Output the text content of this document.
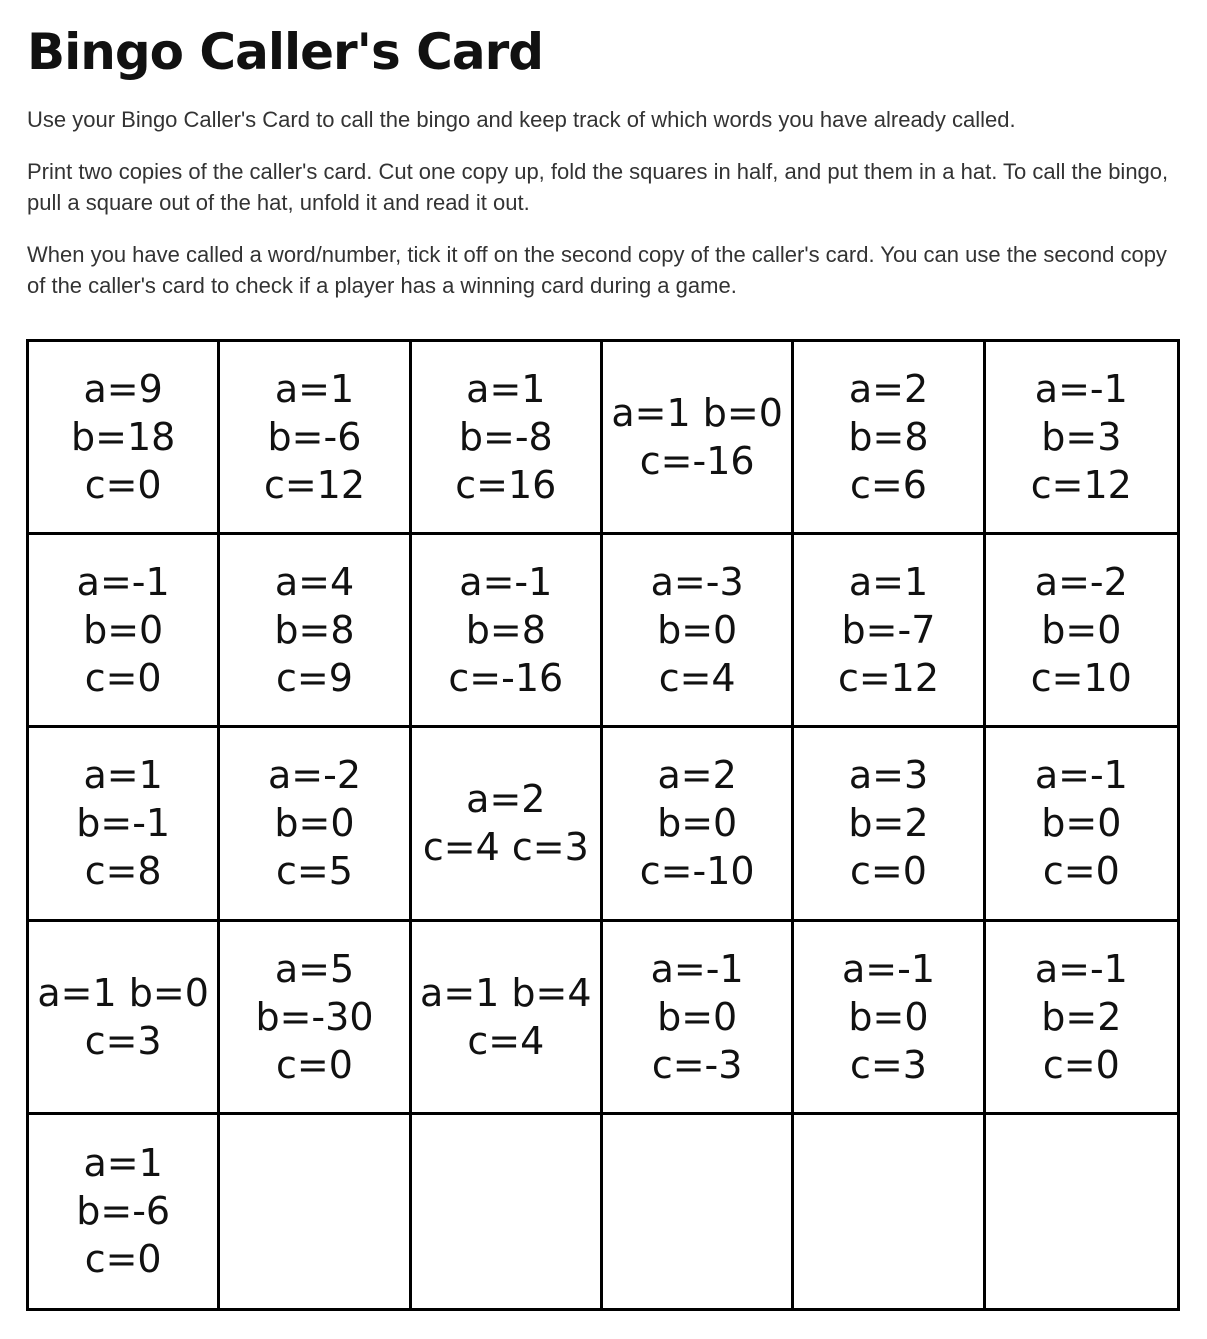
Bingo Caller's Card

Use your Bingo Caller's Card to call the bingo and keep track of which words you have already called.

Print two copies of the caller's card. Cut one copy up, fold the squares in half, and put them in a hat. To call the bingo, pull a square out of the hat, unfold it and read it out.

When you have called a word/number, tick it off on the second copy of the caller's card. You can use the second copy of the caller's card to check if a player has a winning card during a game.

a=9
b=18
c=0
a=1
b=-6
c=12
a=1
b=-8
c=16
a=1 b=0
c=-16
a=2
b=8
c=6
a=-1
b=3
c=12
a=-1
b=0
c=0
a=4
b=8
c=9
a=-1
b=8
c=-16
a=-3
b=0
c=4
a=1
b=-7
c=12
a=-2
b=0
c=10
a=1
b=-1
c=8
a=-2
b=0
c=5
a=2
c=4 c=3
a=2
b=0
c=-10
a=3
b=2
c=0
a=-1
b=0
c=0
a=1 b=0
c=3
a=5
b=-30
c=0
a=1 b=4
c=4
a=-1
b=0
c=-3
a=-1
b=0
c=3
a=-1
b=2
c=0
a=1
b=-6
c=0
